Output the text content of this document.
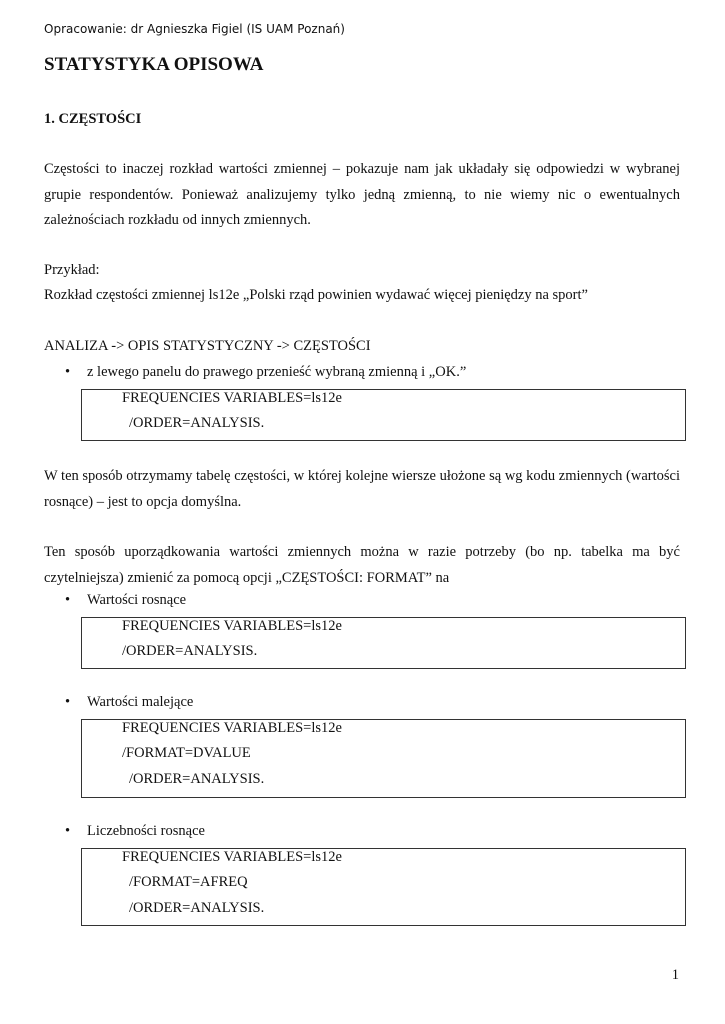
Opracowanie: dr Agnieszka Figiel (IS UAM Poznań)
STATYSTYKA OPISOWA
1. CZĘSTOŚCI
Częstości to inaczej rozkład wartości zmiennej – pokazuje nam jak układały się odpowiedzi w wybranej grupie respondentów. Ponieważ analizujemy tylko jedną zmienną, to nie wiemy nic o ewentualnych zależnościach rozkładu od innych zmiennych.
Przykład:
Rozkład częstości zmiennej ls12e „Polski rząd powinien wydawać więcej pieniędzy na sport”
ANALIZA -> OPIS STATYSTYCZNY -> CZĘSTOŚCI
• z lewego panelu do prawego przenieść wybraną zmienną i „OK.”
FREQUENCIES VARIABLES=ls12e
/ORDER=ANALYSIS.
W ten sposób otrzymamy tabelę częstości, w której kolejne wiersze ułożone są wg kodu zmiennych (wartości rosnące) – jest to opcja domyślna.
Ten sposób uporządkowania wartości zmiennych można w razie potrzeby (bo np. tabelka ma być czytelniejsza) zmienić za pomocą opcji „CZĘSTOŚCI: FORMAT” na
• Wartości rosnące
FREQUENCIES VARIABLES=ls12e
/ORDER=ANALYSIS.
• Wartości malejące
FREQUENCIES VARIABLES=ls12e
/FORMAT=DVALUE
/ORDER=ANALYSIS.
• Liczebności rosnące
FREQUENCIES VARIABLES=ls12e
/FORMAT=AFREQ
/ORDER=ANALYSIS.
1
